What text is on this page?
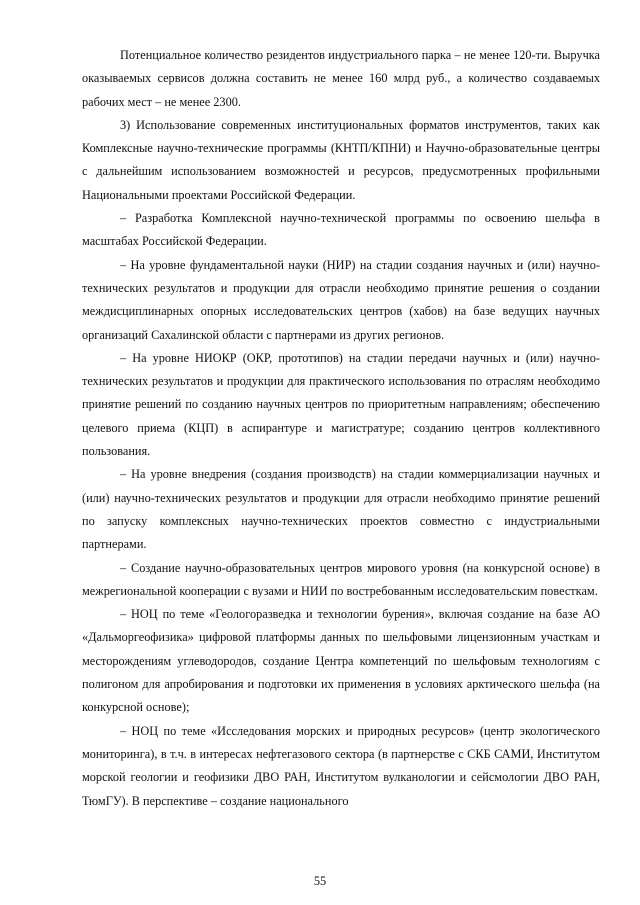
Потенциальное количество резидентов индустриального парка – не менее 120-ти. Выручка оказываемых сервисов должна составить не менее 160 млрд руб., а количество создаваемых рабочих мест – не менее 2300.

3) Использование современных институциональных форматов инструментов, таких как Комплексные научно-технические программы (КНТП/КПНИ) и Научно-образовательные центры с дальнейшим использованием возможностей и ресурсов, предусмотренных профильными Национальными проектами Российской Федерации.

– Разработка Комплексной научно-технической программы по освоению шельфа в масштабах Российской Федерации.

– На уровне фундаментальной науки (НИР) на стадии создания научных и (или) научно-технических результатов и продукции для отрасли необходимо принятие решения о создании междисциплинарных опорных исследовательских центров (хабов) на базе ведущих научных организаций Сахалинской области с партнерами из других регионов.

– На уровне НИОКР (ОКР, прототипов) на стадии передачи научных и (или) научно-технических результатов и продукции для практического использования по отраслям необходимо принятие решений по созданию научных центров по приоритетным направлениям; обеспечению целевого приема (КЦП) в аспирантуре и магистратуре; созданию центров коллективного пользования.

– На уровне внедрения (создания производств) на стадии коммерциализации научных и (или) научно-технических результатов и продукции для отрасли необходимо принятие решений по запуску комплексных научно-технических проектов совместно с индустриальными партнерами.

– Создание научно-образовательных центров мирового уровня (на конкурсной основе) в межрегиональной кооперации с вузами и НИИ по востребованным исследовательским повесткам.

– НОЦ по теме «Геологоразведка и технологии бурения», включая создание на базе АО «Дальморгеофизика» цифровой платформы данных по шельфовыми лицензионным участкам и месторождениям углеводородов, создание Центра компетенций по шельфовым технологиям с полигоном для апробирования и подготовки их применения в условиях арктического шельфа (на конкурсной основе);

– НОЦ по теме «Исследования морских и природных ресурсов» (центр экологического мониторинга), в т.ч. в интересах нефтегазового сектора (в партнерстве с СКБ САМИ, Институтом морской геологии и геофизики ДВО РАН, Институтом вулканологии и сейсмологии ДВО РАН, ТюмГУ). В перспективе – создание национального

55
